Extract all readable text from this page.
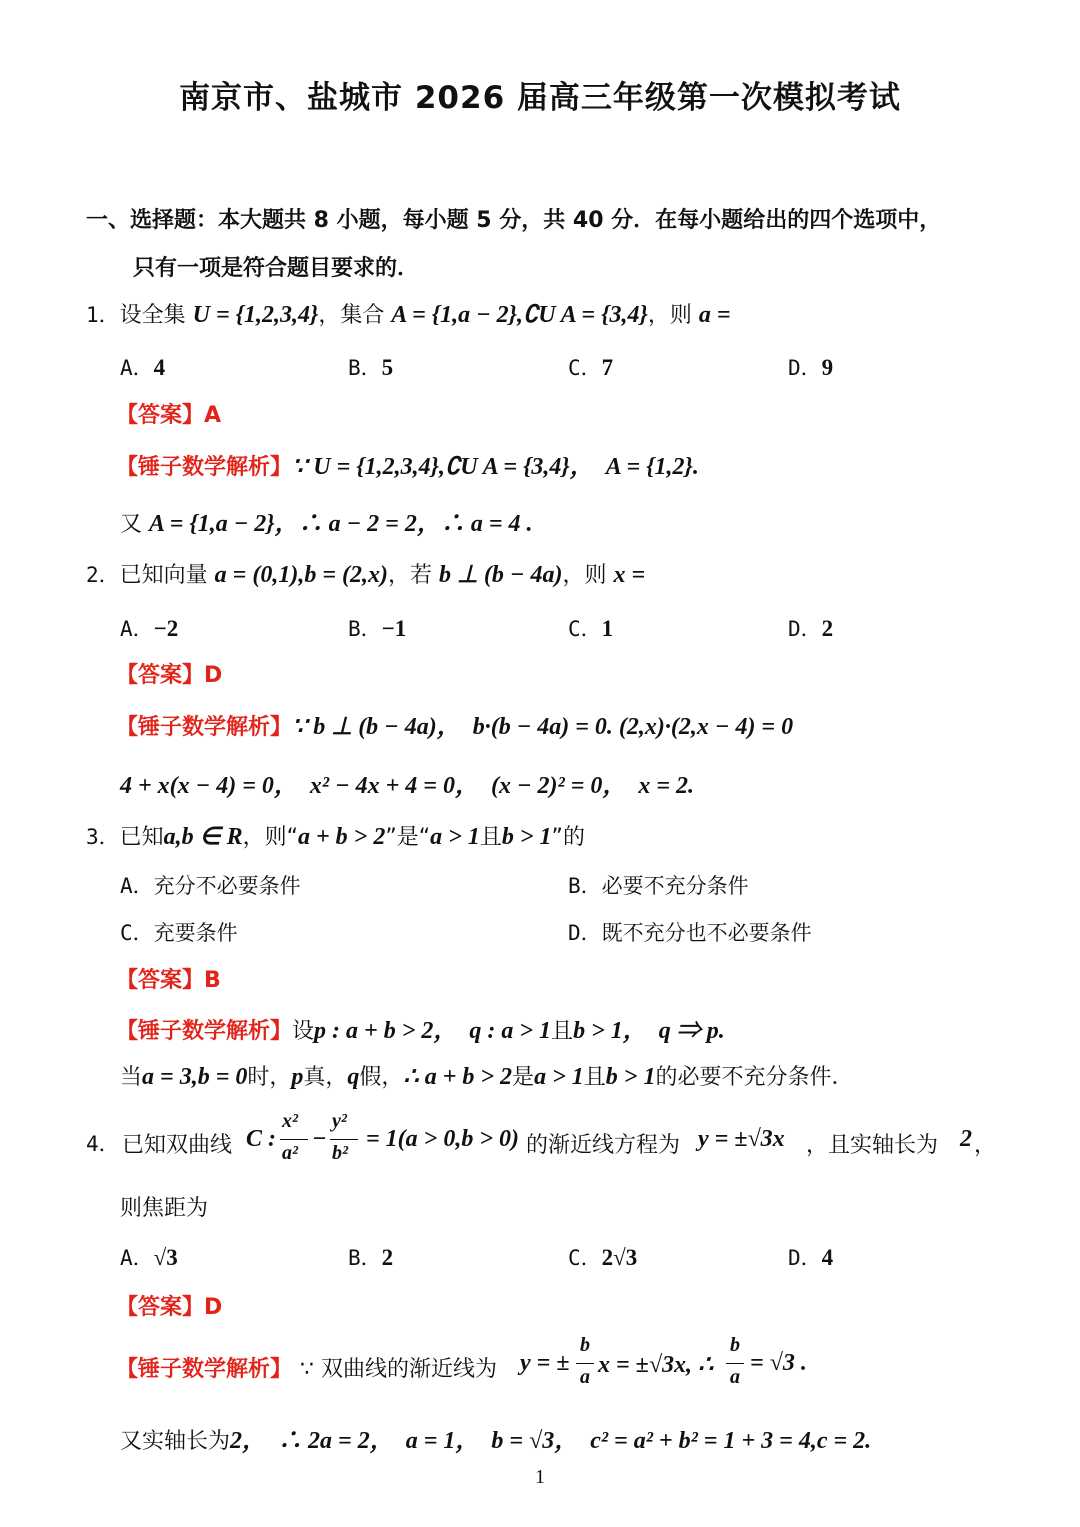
南京市、盐城市 2026 届高三年级第一次模拟考试
一、选择题：本大题共 8 小题，每小题 5 分，共 40 分．在每小题给出的四个选项中，
只有一项是符合题目要求的．
1．设全集 U = {1,2,3,4}，集合 A = {1,a − 2},∁U A = {3,4}，则 a =
A．4	B．5	C．7	D．9
【答案】A
【锤子数学解析】∵ U = {1,2,3,4},∁U A = {3,4}，　A = {1,2}.
又 A = {1,a − 2}，∴ a − 2 = 2，∴ a = 4 .
2．已知向量 a = (0,1),b = (2,x)，若 b ⊥ (b − 4a)，则 x =
A．−2	B．−1	C．1	D．2
【答案】D
【锤子数学解析】∵ b ⊥ (b − 4a)，　b·(b − 4a) = 0. (2,x)·(2,x − 4) = 0
4 + x(x − 4) = 0，　x² − 4x + 4 = 0，　(x − 2)² = 0，　x = 2.
3．已知a,b ∈ R，则“a + b > 2”是“a > 1且b > 1”的
A．充分不必要条件	B．必要不充分条件
C．充要条件	D．既不充分也不必要条件
【答案】B
【锤子数学解析】设p : a + b > 2，　q : a > 1且b > 1，　q ⇒ p.
当a = 3,b = 0时，p真，q假，∴ a + b > 2是a > 1且b > 1的必要不充分条件．
4． 已知双曲线 C :
x²
a²
−
y²
b²
= 1(a > 0,b > 0) 的渐近线方程为 y = ±√3x ，且实轴长为 2 ，
则焦距为
A．√3	B．2	C．2√3	D．4
【答案】D
【锤子数学解析】 ∵ 双曲线的渐近线为 y = ±
b
a x = ±√3x, ∴
b
a
= √3 .
又实轴长为2，　∴ 2a = 2，　a = 1，　b = √3，　c² = a² + b² = 1 + 3 = 4,c = 2.
1
